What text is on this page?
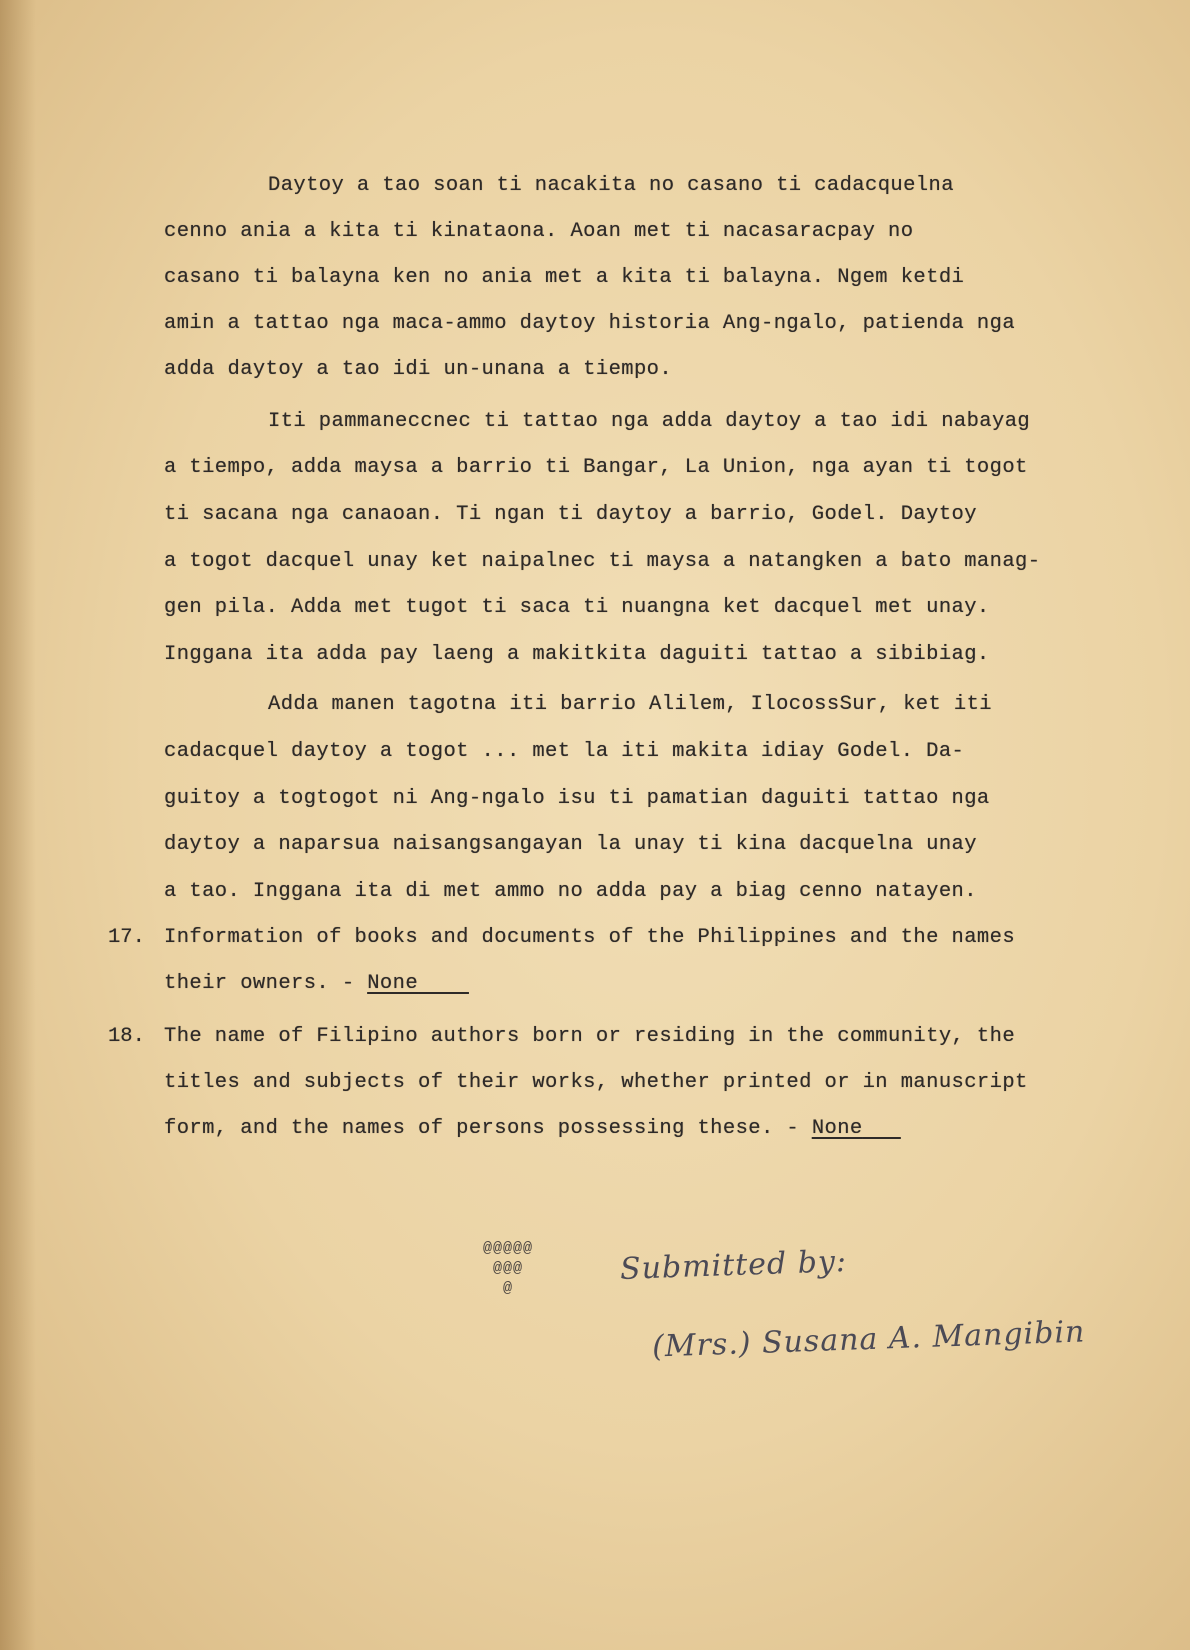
Daytoy a tao soan ti nacakita no casano ti cadacquelna
cenno ania a kita ti kinataona. Aoan met ti nacasaracpay no
casano ti balayna ken no ania met a kita ti balayna. Ngem ketdi
amin a tattao nga maca-ammo daytoy historia Ang-ngalo, patienda nga
adda daytoy a tao idi un-unana a tiempo.
Iti pammaneccnec ti tattao nga adda daytoy a tao idi nabayag
a tiempo, adda maysa a barrio ti Bangar, La Union, nga ayan ti togot
ti sacana nga canaoan. Ti ngan ti daytoy a barrio, Godel. Daytoy
a togot dacquel unay ket naipalnec ti maysa a natangken a bato manag-
gen pila. Adda met tugot ti saca ti nuangna ket dacquel met unay.
Inggana ita adda pay laeng a makitkita daguiti tattao a sibibiag.
Adda manen tagotna iti barrio Alilem, IlocossSur, ket iti
cadacquel daytoy a togot ... met la iti makita idiay Godel. Da-
guitoy a togtogot ni Ang-ngalo isu ti pamatian daguiti tattao nga
daytoy a naparsua naisangsangayan la unay ti kina dacquelna unay
a tao. Inggana ita di met ammo no adda pay a biag cenno natayen.
17. Information of books and documents of the Philippines and the names
their owners. - None
18. The name of Filipino authors born or residing in the community, the
titles and subjects of their works, whether printed or in manuscript
form, and the names of persons possessing these. - None
@@@@@
@@@
@
Submitted by:
(Mrs.) Susana A. Mangibin
